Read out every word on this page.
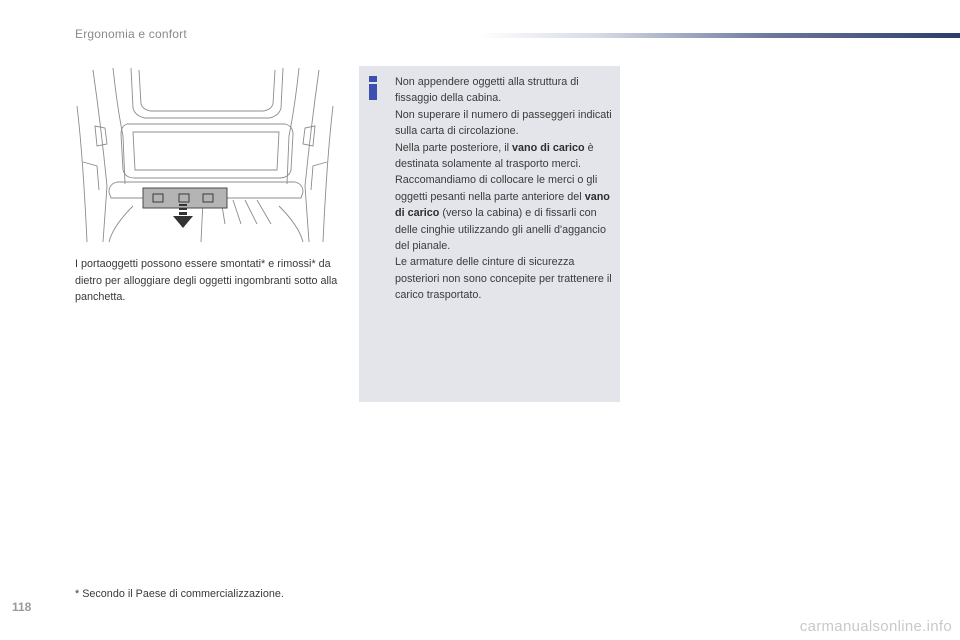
Ergonomia e confort
I portaoggetti possono essere smontati* e rimossi* da dietro per alloggiare degli oggetti ingombranti sotto alla panchetta.

Non appendere oggetti alla struttura di fissaggio della cabina.

Non superare il numero di passeggeri indicati sulla carta di circolazione.

Nella parte posteriore, il vano di carico è destinata solamente al trasporto merci.

Raccomandiamo di collocare le merci o gli oggetti pesanti nella parte anteriore del vano di carico (verso la cabina) e di fissarli con delle cinghie utilizzando gli anelli d'aggancio del pianale.

Le armature delle cinture di sicurezza posteriori non sono concepite per trattenere il carico trasportato.

* Secondo il Paese di commercializzazione.
118
carmanualsonline.info
